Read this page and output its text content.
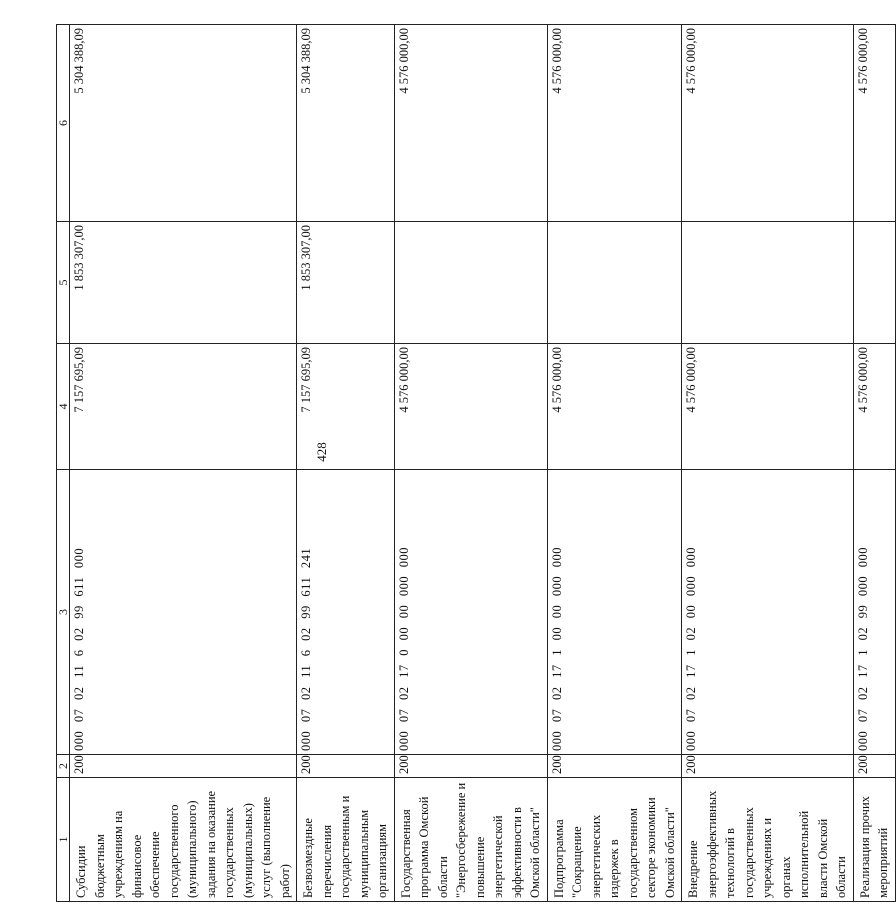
428
1	2	3	4	5	6
Субсидии бюджетным учреждениям на финансовое обеспечение государственного (муниципального) задания на оказание государственных (муниципальных) услуг (выполнение работ)	200	000 07 02 11 6 02 99 611 000	7 157 695,09	1 853 307,00	5 304 388,09
Безвозмездные перечисления государственным и муниципальным организациям	200	000 07 02 11 6 02 99 611 241	7 157 695,09	1 853 307,00	5 304 388,09
Государственная программа Омской области "Энергосбережение и повышение энергетической эффективности в Омской области"	200	000 07 02 17 0 00 00 000 000	4 576 000,00		4 576 000,00
Подпрограмма "Сокращение энергетических издержек в государственном секторе экономики Омской области"	200	000 07 02 17 1 00 00 000 000	4 576 000,00		4 576 000,00
Внедрение энергоэффективных технологий в государственных учреждениях и органах исполнительной власти Омской области	200	000 07 02 17 1 02 00 000 000	4 576 000,00		4 576 000,00
Реализация прочих мероприятий	200	000 07 02 17 1 02 99 000 000	4 576 000,00		4 576 000,00
